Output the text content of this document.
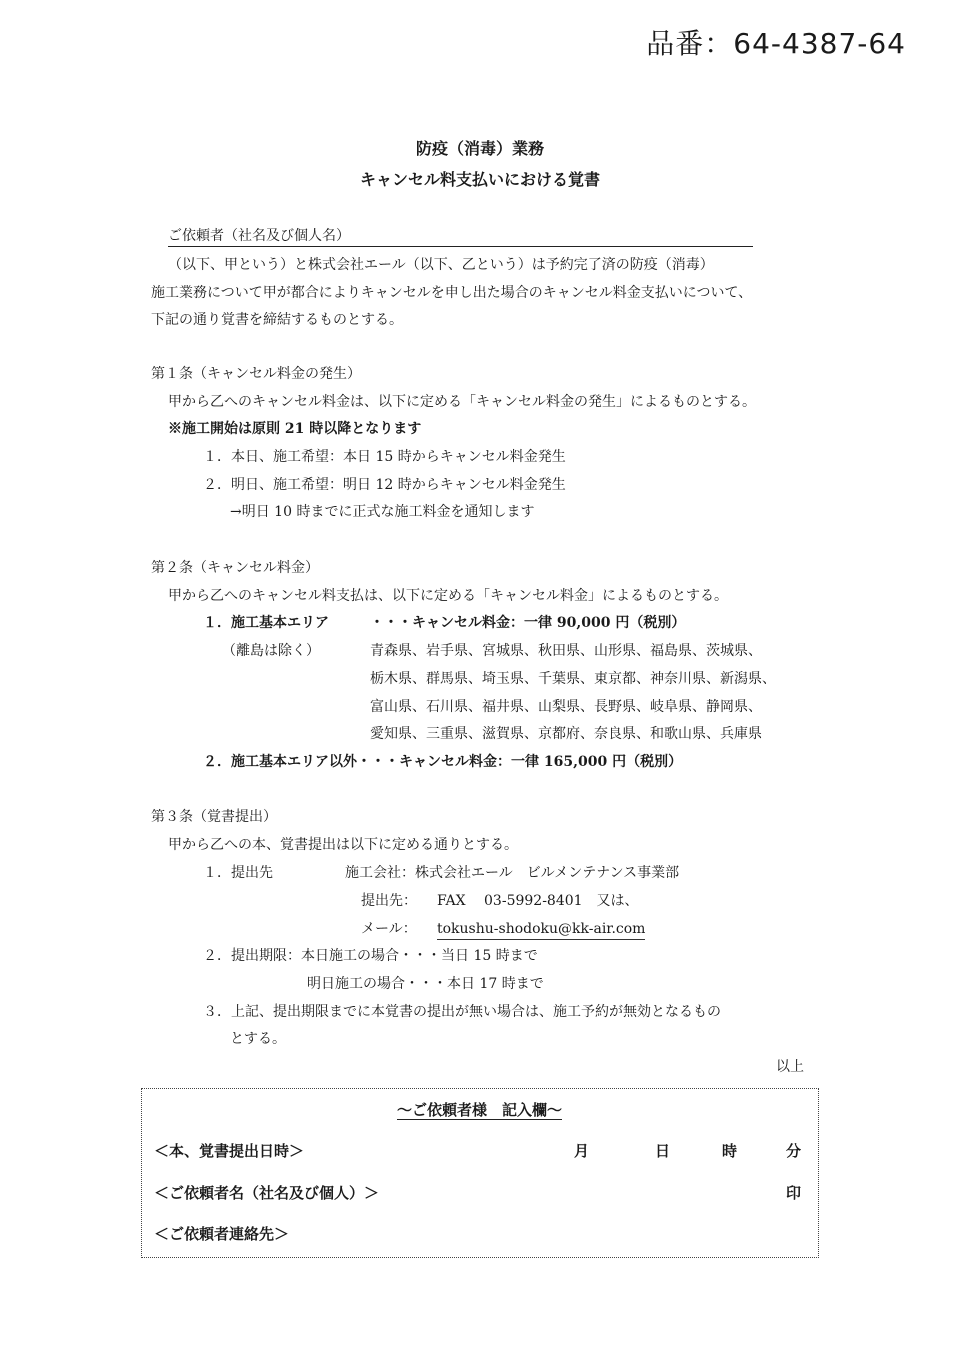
品番：64-4387-64
防疫（消毒）業務
キャンセル料支払いにおける覚書
ご依頼者（社名及び個人名）
（以下、甲という）と株式会社エール（以下、乙という）は予約完了済の防疫（消毒）
施工業務について甲が都合によりキャンセルを申し出た場合のキャンセル料金支払いについて、
下記の通り覚書を締結するものとする。
第１条（キャンセル料金の発生）
甲から乙へのキャンセル料金は、以下に定める「キャンセル料金の発生」によるものとする。
※施工開始は原則 21 時以降となります
１．本日、施工希望：本日 15 時からキャンセル料金発生
２．明日、施工希望：明日 12 時からキャンセル料金発生
→明日 10 時までに正式な施工料金を通知します
第２条（キャンセル料金）
甲から乙へのキャンセル料支払は、以下に定める「キャンセル料金」によるものとする。
１．施工基本エリア	・・・キャンセル料金：一律 90,000 円（税別）
（離島は除く）	青森県、岩手県、宮城県、秋田県、山形県、福島県、茨城県、
栃木県、群馬県、埼玉県、千葉県、東京都、神奈川県、新潟県、
富山県、石川県、福井県、山梨県、長野県、岐阜県、静岡県、
愛知県、三重県、滋賀県、京都府、奈良県、和歌山県、兵庫県
２．施工基本エリア以外・・・キャンセル料金：一律 165,000 円（税別）
第３条（覚書提出）
甲から乙への本、覚書提出は以下に定める通りとする。
１．提出先	施工会社：株式会社エール　ビルメンテナンス事業部
提出先： FAX　 03-5992-8401　又は、
メール： tokushu-shodoku@kk-air.com
２．提出期限：本日施工の場合・・・当日 15 時まで
明日施工の場合・・・本日 17 時まで
３．上記、提出期限までに本覚書の提出が無い場合は、施工予約が無効となるもの
とする。
以上
～ご依頼者様　記入欄～
＜本、覚書提出日時＞	月	日	時	分
＜ご依頼者名（社名及び個人）＞	印
＜ご依頼者連絡先＞
